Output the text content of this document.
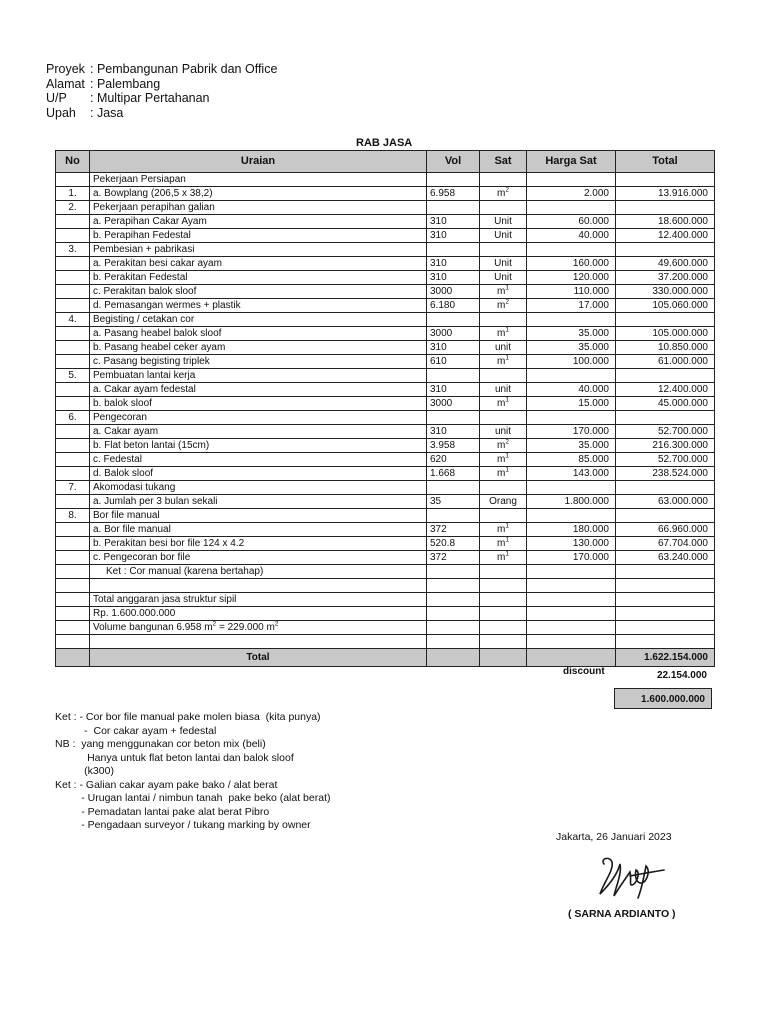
Proyek : Pembangunan Pabrik dan Office
Alamat : Palembang
U/P	: Multipar Pertahanan
Upah	: Jasa
RAB JASA
No	Uraian	Vol	Sat	Harga Sat	Total
	Pekerjaan Persiapan				
1.	a. Bowplang (206,5 x 38,2)	6.958	$m^2$	2.000	13.916.000
2.	Pekerjaan perapihan galian				
	a. Perapihan Cakar Ayam	310	Unit	60.000	18.600.000
	b. Perapihan Fedestal	310	Unit	40.000	12.400.000
3.	Pembesian + pabrikasi				
	a. Perakitan besi cakar ayam	310	Unit	160.000	49.600.000
	b. Perakitan Fedestal	310	Unit	120.000	37.200.000
	c. Perakitan balok sloof	3000	$m^1$	110.000	330.000.000
	d. Pemasangan wermes + plastik	6.180	$m^2$	17.000	105.060.000
4.	Begisting / cetakan cor				
	a. Pasang heabel balok sloof	3000	$m^1$	35.000	105.000.000
	b. Pasang heabel ceker ayam	310	unit	35.000	10.850.000
	c. Pasang begisting triplek	610	$m^1$	100.000	61.000.000
5.	Pembuatan lantai kerja				
	a. Cakar ayam fedestal	310	unit	40.000	12.400.000
	b. balok sloof	3000	$m^1$	15.000	45.000.000
6.	Pengecoran				
	a. Cakar ayam	310	unit	170.000	52.700.000
	b. Flat beton lantai (15cm)	3.958	$m^2$	35.000	216.300.000
	c. Fedestal	620	$m^1$	85.000	52.700.000
	d. Balok sloof	1.668	$m^1$	143.000	238.524.000
7.	Akomodasi tukang				
	a. Jumlah per 3 bulan sekali	35	Orang	1.800.000	63.000.000
8.	Bor file manual				
	a. Bor file manual	372	$m^1$	180.000	66.960.000
	b. Perakitan besi bor file 124 x 4.2	520.8	$m^1$	130.000	67.704.000
	c. Pengecoran bor file	372	$m^1$	170.000	63.240.000
	Ket : Cor manual (karena bertahap)				

	Total anggaran jasa struktur sipil				
	Rp. 1.600.000.000				
	Volume bangunan 6.958 $m^2 = 229.000$ $m^2$				

	Total				1.622.154.000
discount	22.154.000
1.600.000.000
Ket : - Cor bor file manual pake molen biasa  (kita punya)
-  Cor cakar ayam + fedestal
NB :  yang menggunakan cor beton mix (beli)
Hanya untuk flat beton lantai dan balok sloof
(k300)
Ket : - Galian cakar ayam pake bako / alat berat
- Urugan lantai / nimbun tanah  pake beko (alat berat)
- Pemadatan lantai pake alat berat Pibro
- Pengadaan surveyor / tukang marking by owner
Jakarta, 26 Januari 2023
( SARNA ARDIANTO )
